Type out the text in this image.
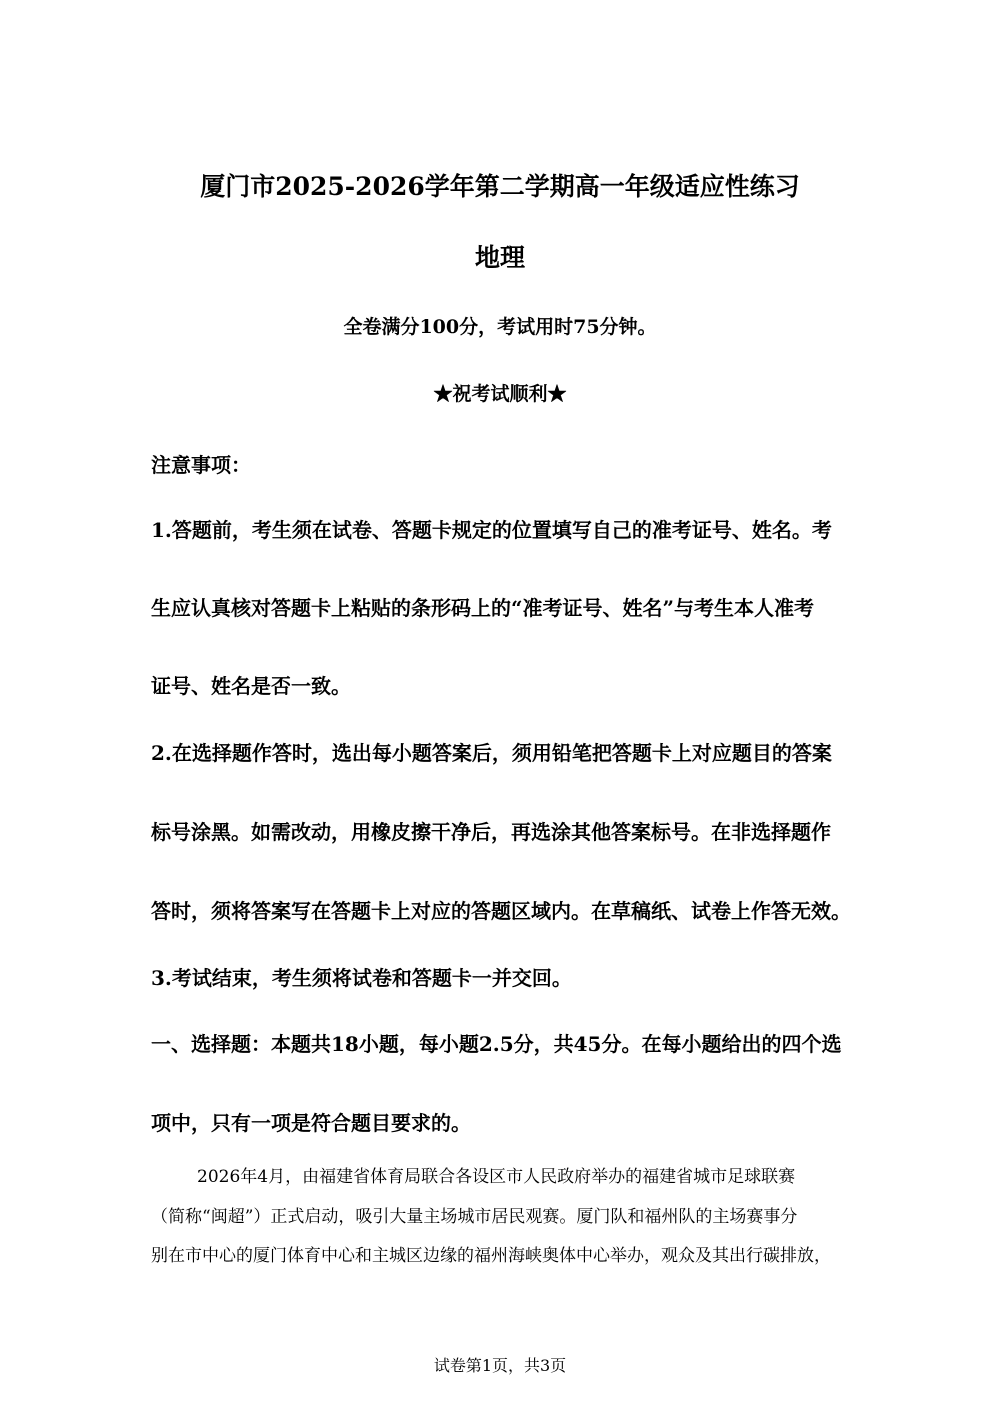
厦门市2025-2026学年第二学期高一年级适应性练习
地理
全卷满分100分，考试用时75分钟。
★祝考试顺利★
注意事项：
1.答题前，考生须在试卷、答题卡规定的位置填写自己的准考证号、姓名。考
生应认真核对答题卡上粘贴的条形码上的“准考证号、姓名”与考生本人准考
证号、姓名是否一致。
2.在选择题作答时，选出每小题答案后，须用铅笔把答题卡上对应题目的答案
标号涂黑。如需改动，用橡皮擦干净后，再选涂其他答案标号。在非选择题作
答时，须将答案写在答题卡上对应的答题区域内。在草稿纸、试卷上作答无效。
3.考试结束，考生须将试卷和答题卡一并交回。
一、选择题：本题共18小题，每小题2.5分，共45分。在每小题给出的四个选
项中，只有一项是符合题目要求的。
2026年4月，由福建省体育局联合各设区市人民政府举办的福建省城市足球联赛
（简称“闽超”）正式启动，吸引大量主场城市居民观赛。厦门队和福州队的主场赛事分
别在市中心的厦门体育中心和主城区边缘的福州海峡奥体中心举办，观众及其出行碳排放，
试卷第1页，共3页
